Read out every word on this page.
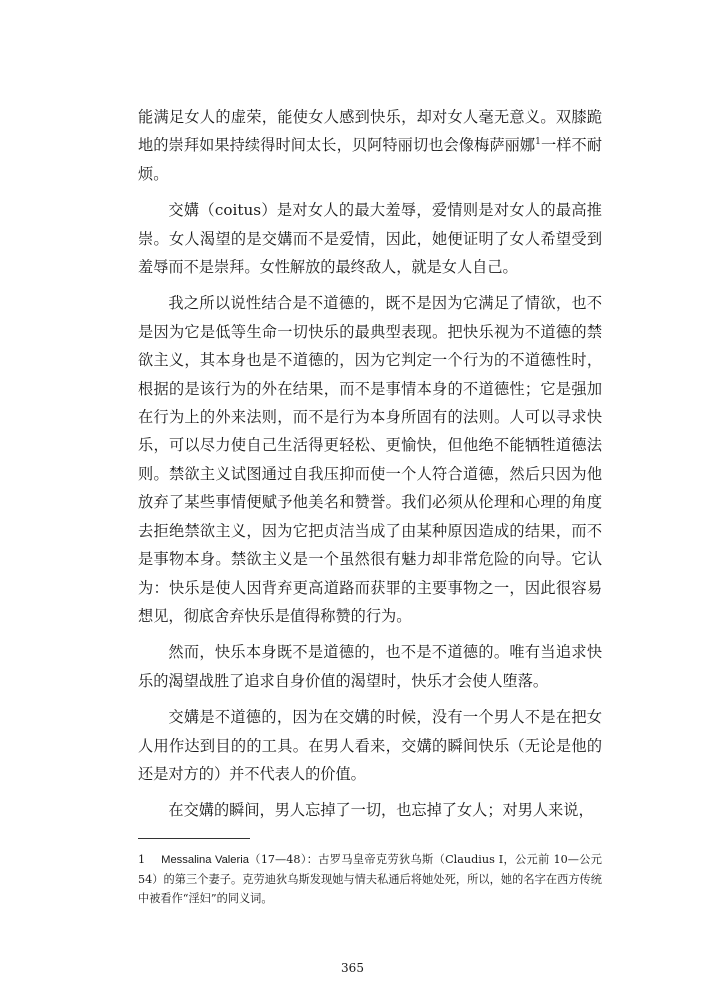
能满足女人的虚荣，能使女人感到快乐，却对女人毫无意义。双膝跪地的崇拜如果持续得时间太长，贝阿特丽切也会像梅萨丽娜$^1$一样不耐烦。

交媾（coitus）是对女人的最大羞辱，爱情则是对女人的最高推崇。女人渴望的是交媾而不是爱情，因此，她便证明了女人希望受到羞辱而不是崇拜。女性解放的最终敌人，就是女人自己。

我之所以说性结合是不道德的，既不是因为它满足了情欲，也不是因为它是低等生命一切快乐的最典型表现。把快乐视为不道德的禁欲主义，其本身也是不道德的，因为它判定一个行为的不道德性时，根据的是该行为的外在结果，而不是事情本身的不道德性；它是强加在行为上的外来法则，而不是行为本身所固有的法则。人可以寻求快乐，可以尽力使自己生活得更轻松、更愉快，但他绝不能牺牲道德法则。禁欲主义试图通过自我压抑而使一个人符合道德，然后只因为他放弃了某些事情便赋予他美名和赞誉。我们必须从伦理和心理的角度去拒绝禁欲主义，因为它把贞洁当成了由某种原因造成的结果，而不是事物本身。禁欲主义是一个虽然很有魅力却非常危险的向导。它认为：快乐是使人因背弃更高道路而获罪的主要事物之一，因此很容易想见，彻底舍弃快乐是值得称赞的行为。

然而，快乐本身既不是道德的，也不是不道德的。唯有当追求快乐的渴望战胜了追求自身价值的渴望时，快乐才会使人堕落。

交媾是不道德的，因为在交媾的时候，没有一个男人不是在把女人用作达到目的的工具。在男人看来，交媾的瞬间快乐（无论是他的还是对方的）并不代表人的价值。

在交媾的瞬间，男人忘掉了一切，也忘掉了女人；对男人来说，

1 Messalina Valeria（17—48）：古罗马皇帝克劳狄乌斯（Claudius I，公元前 10—公元 54）的第三个妻子。克劳迪狄乌斯发现她与情夫私通后将她处死，所以，她的名字在西方传统中被看作“淫妇”的同义词。
365
